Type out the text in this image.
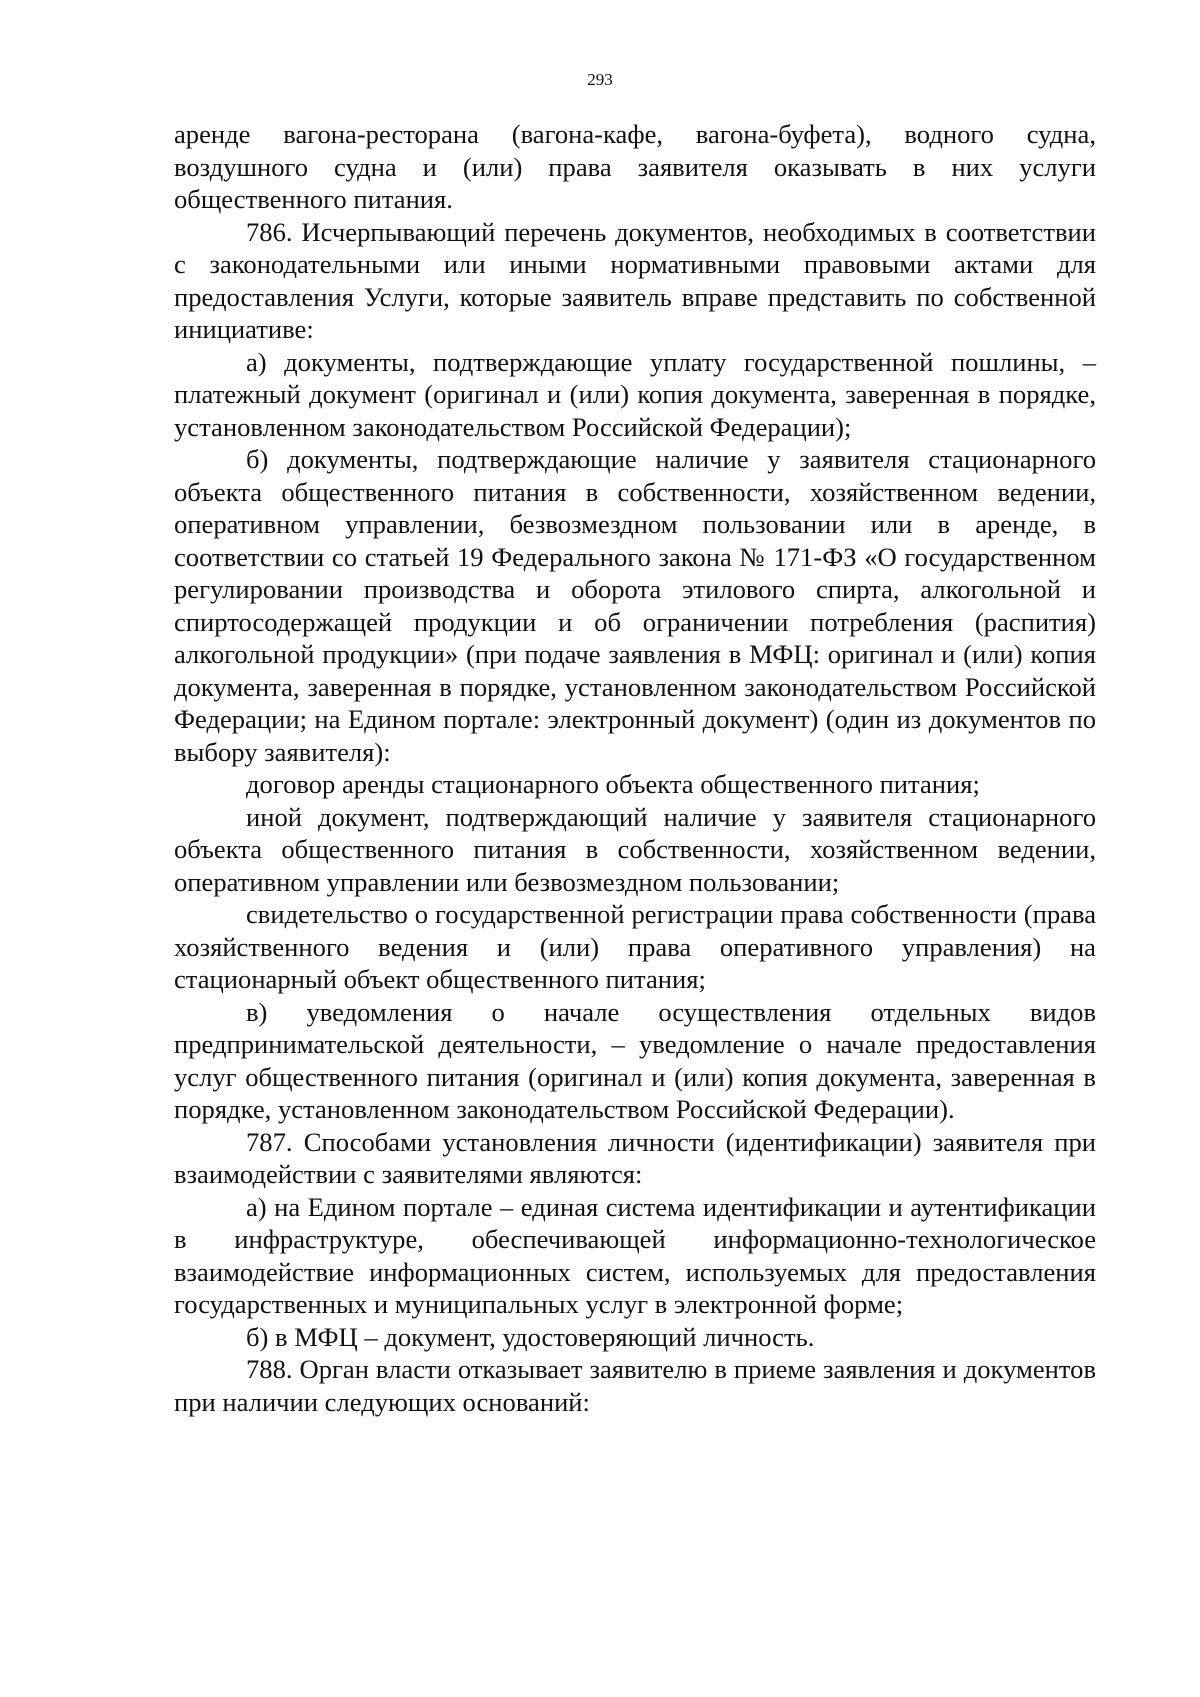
293

аренде вагона-ресторана (вагона-кафе, вагона-буфета), водного судна, воздушного судна и (или) права заявителя оказывать в них услуги общественного питания.

786. Исчерпывающий перечень документов, необходимых в соответствии с законодательными или иными нормативными правовыми актами для предоставления Услуги, которые заявитель вправе представить по собственной инициативе:

а) документы, подтверждающие уплату государственной пошлины, – платежный документ (оригинал и (или) копия документа, заверенная в порядке, установленном законодательством Российской Федерации);

б) документы, подтверждающие наличие у заявителя стационарного объекта общественного питания в собственности, хозяйственном ведении, оперативном управлении, безвозмездном пользовании или в аренде, в соответствии со статьей 19 Федерального закона № 171-ФЗ «О государственном регулировании производства и оборота этилового спирта, алкогольной и спиртосодержащей продукции и об ограничении потребления (распития) алкогольной продукции» (при подаче заявления в МФЦ: оригинал и (или) копия документа, заверенная в порядке, установленном законодательством Российской Федерации; на Едином портале: электронный документ) (один из документов по выбору заявителя):

договор аренды стационарного объекта общественного питания;

иной документ, подтверждающий наличие у заявителя стационарного объекта общественного питания в собственности, хозяйственном ведении, оперативном управлении или безвозмездном пользовании;

свидетельство о государственной регистрации права собственности (права хозяйственного ведения и (или) права оперативного управления) на стационарный объект общественного питания;

в) уведомления о начале осуществления отдельных видов предпринимательской деятельности, – уведомление о начале предоставления услуг общественного питания (оригинал и (или) копия документа, заверенная в порядке, установленном законодательством Российской Федерации).

787. Способами установления личности (идентификации) заявителя при взаимодействии с заявителями являются:

а) на Едином портале – единая система идентификации и аутентификации в инфраструктуре, обеспечивающей информационно-технологическое взаимодействие информационных систем, используемых для предоставления государственных и муниципальных услуг в электронной форме;

б) в МФЦ – документ, удостоверяющий личность.

788. Орган власти отказывает заявителю в приеме заявления и документов при наличии следующих оснований:
